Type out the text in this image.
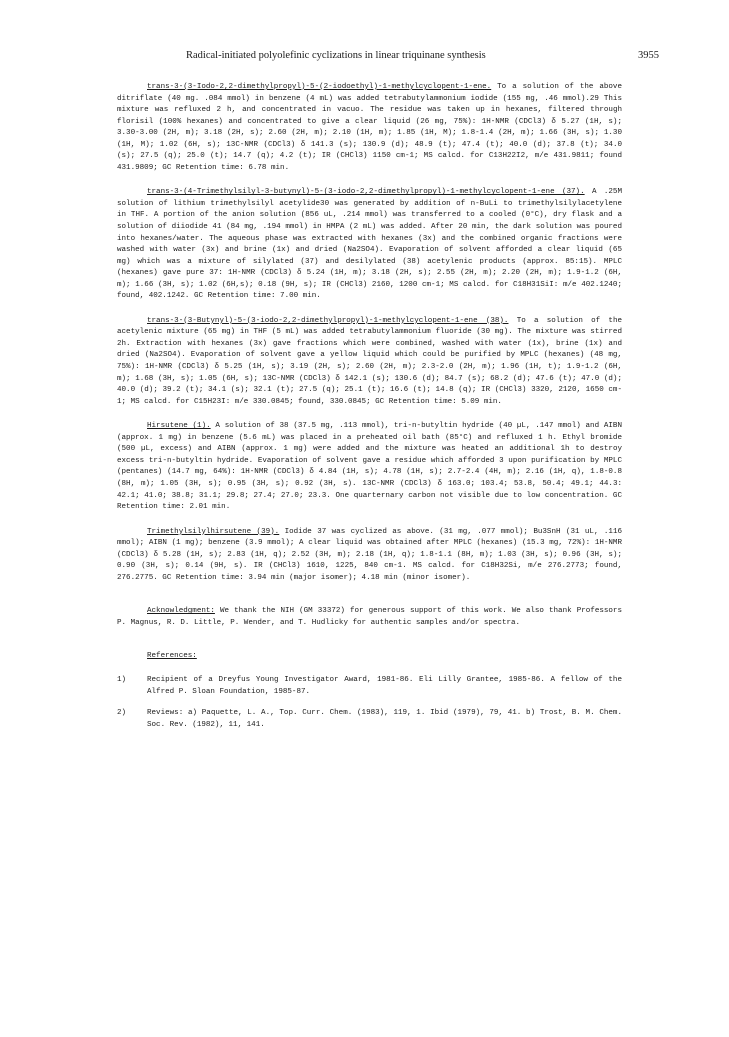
Radical-initiated polyolefinic cyclizations in linear triquinane synthesis	3955

trans-3-(3-Iodo-2,2-dimethylpropyl)-5-(2-iodoethyl)-1-methylcyclopent-1-ene. To a solution of the above ditriflate (40 mg. .084 mmol) in benzene (4 mL) was added tetrabutylammonium iodide (155 mg, .46 mmol).29 This mixture was refluxed 2 h, and concentrated in vacuo. The residue was taken up in hexanes, filtered through florisil (100% hexanes) and concentrated to give a clear liquid (26 mg, 75%): 1H-NMR (CDCl3) δ 5.27 (1H, s); 3.30-3.00 (2H, m); 3.18 (2H, s); 2.60 (2H, m); 2.10 (1H, m); 1.85 (1H, M); 1.8-1.4 (2H, m); 1.66 (3H, s); 1.30 (1H, M); 1.02 (6H, s); 13C-NMR (CDCl3) δ 141.3 (s); 130.9 (d); 48.9 (t); 47.4 (t); 40.0 (d); 37.8 (t); 34.0 (s); 27.5 (q); 25.0 (t); 14.7 (q); 4.2 (t); IR (CHCl3) 1150 cm-1; MS calcd. for C13H22I2, m/e 431.9811; found 431.9809; GC Retention time: 6.78 min.

trans-3-(4-Trimethylsilyl-3-butynyl)-5-(3-iodo-2,2-dimethylpropyl)-1-methylcyclopent-1-ene (37). A .25M solution of lithium trimethylsilyl acetylide30 was generated by addition of n-BuLi to trimethylsilylacetylene in THF. A portion of the anion solution (856 uL, .214 mmol) was transferred to a cooled (0°C), dry flask and a solution of diiodide 41 (84 mg, .194 mmol) in HMPA (2 mL) was added. After 20 min, the dark solution was poured into hexanes/water. The aqueous phase was extracted with hexanes (3x) and the combined organic fractions were washed with water (3x) and brine (1x) and dried (Na2SO4). Evaporation of solvent afforded a clear liquid (65 mg) which was a mixture of silylated (37) and desilylated (38) acetylenic products (approx. 85:15). MPLC (hexanes) gave pure 37: 1H-NMR (CDCl3) δ 5.24 (1H, m); 3.18 (2H, s); 2.55 (2H, m); 2.20 (2H, m); 1.9-1.2 (6H, m); 1.66 (3H, s); 1.02 (6H,s); 0.18 (9H, s); IR (CHCl3) 2160, 1200 cm-1; MS calcd. for C18H31SiI: m/e 402.1240; found, 402.1242. GC Retention time: 7.00 min.

trans-3-(3-Butynyl)-5-(3-iodo-2,2-dimethylpropyl)-1-methylcyclopent-1-ene (38). To a solution of the acetylenic mixture (65 mg) in THF (5 mL) was added tetrabutylammonium fluoride (30 mg). The mixture was stirred 2h. Extraction with hexanes (3x) gave fractions which were combined, washed with water (1x), brine (1x) and dried (Na2SO4). Evaporation of solvent gave a yellow liquid which could be purified by MPLC (hexanes) (48 mg, 75%): 1H-NMR (CDCl3) δ 5.25 (1H, s); 3.19 (2H, s); 2.60 (2H, m); 2.3-2.0 (2H, m); 1.96 (1H, t); 1.9-1.2 (6H, m); 1.68 (3H, s); 1.05 (6H, s); 13C-NMR (CDCl3) δ 142.1 (s); 130.6 (d); 84.7 (s); 68.2 (d); 47.6 (t); 47.0 (d); 40.0 (d); 39.2 (t); 34.1 (s); 32.1 (t); 27.5 (q); 25.1 (t); 16.6 (t); 14.8 (q); IR (CHCl3) 3320, 2120, 1650 cm-1; MS calcd. for C15H23I: m/e 330.0845; found, 330.0845; GC Retention time: 5.09 min.

Hirsutene (1). A solution of 38 (37.5 mg, .113 mmol), tri-n-butyltin hydride (40 µL, .147 mmol) and AIBN (approx. 1 mg) in benzene (5.6 mL) was placed in a preheated oil bath (85°C) and refluxed 1 h. Ethyl bromide (500 µL, excess) and AIBN (approx. 1 mg) were added and the mixture was heated an additional 1h to destroy excess tri-n-butyltin hydride. Evaporation of solvent gave a residue which afforded 3 upon purification by MPLC (pentanes) (14.7 mg, 64%): 1H-NMR (CDCl3) δ 4.84 (1H, s); 4.78 (1H, s); 2.7-2.4 (4H, m); 2.16 (1H, q), 1.8-0.8 (8H, m); 1.05 (3H, s); 0.95 (3H, s); 0.92 (3H, s). 13C-NMR (CDCl3) δ 163.0; 103.4; 53.8, 50.4; 49.1; 44.3: 42.1; 41.0; 38.8; 31.1; 29.8; 27.4; 27.0; 23.3. One quarternary carbon not visible due to low concentration. GC Retention time: 2.01 min.

Trimethylsilylhirsutene (39). Iodide 37 was cyclized as above. (31 mg, .077 mmol); Bu3SnH (31 uL, .116 mmol); AIBN (1 mg); benzene (3.9 mmol); A clear liquid was obtained after MPLC (hexanes) (15.3 mg, 72%): 1H-NMR (CDCl3) δ 5.28 (1H, s); 2.83 (1H, q); 2.52 (3H, m); 2.18 (1H, q); 1.8-1.1 (8H, m); 1.03 (3H, s); 0.96 (3H, s); 0.90 (3H, s); 0.14 (9H, s). IR (CHCl3) 1610, 1225, 840 cm-1. MS calcd. for C18H32Si, m/e 276.2773; found, 276.2775. GC Retention time: 3.94 min (major isomer); 4.18 min (minor isomer).

Acknowledgment: We thank the NIH (GM 33372) for generous support of this work. We also thank Professors P. Magnus, R. D. Little, P. Wender, and T. Hudlicky for authentic samples and/or spectra.

References:

1)	Recipient of a Dreyfus Young Investigator Award, 1981-86. Eli Lilly Grantee, 1985-86. A fellow of the Alfred P. Sloan Foundation, 1985-87.
2)	Reviews: a) Paquette, L. A., Top. Curr. Chem. (1983), 119, 1. Ibid (1979), 79, 41. b) Trost, B. M. Chem. Soc. Rev. (1982), 11, 141.
